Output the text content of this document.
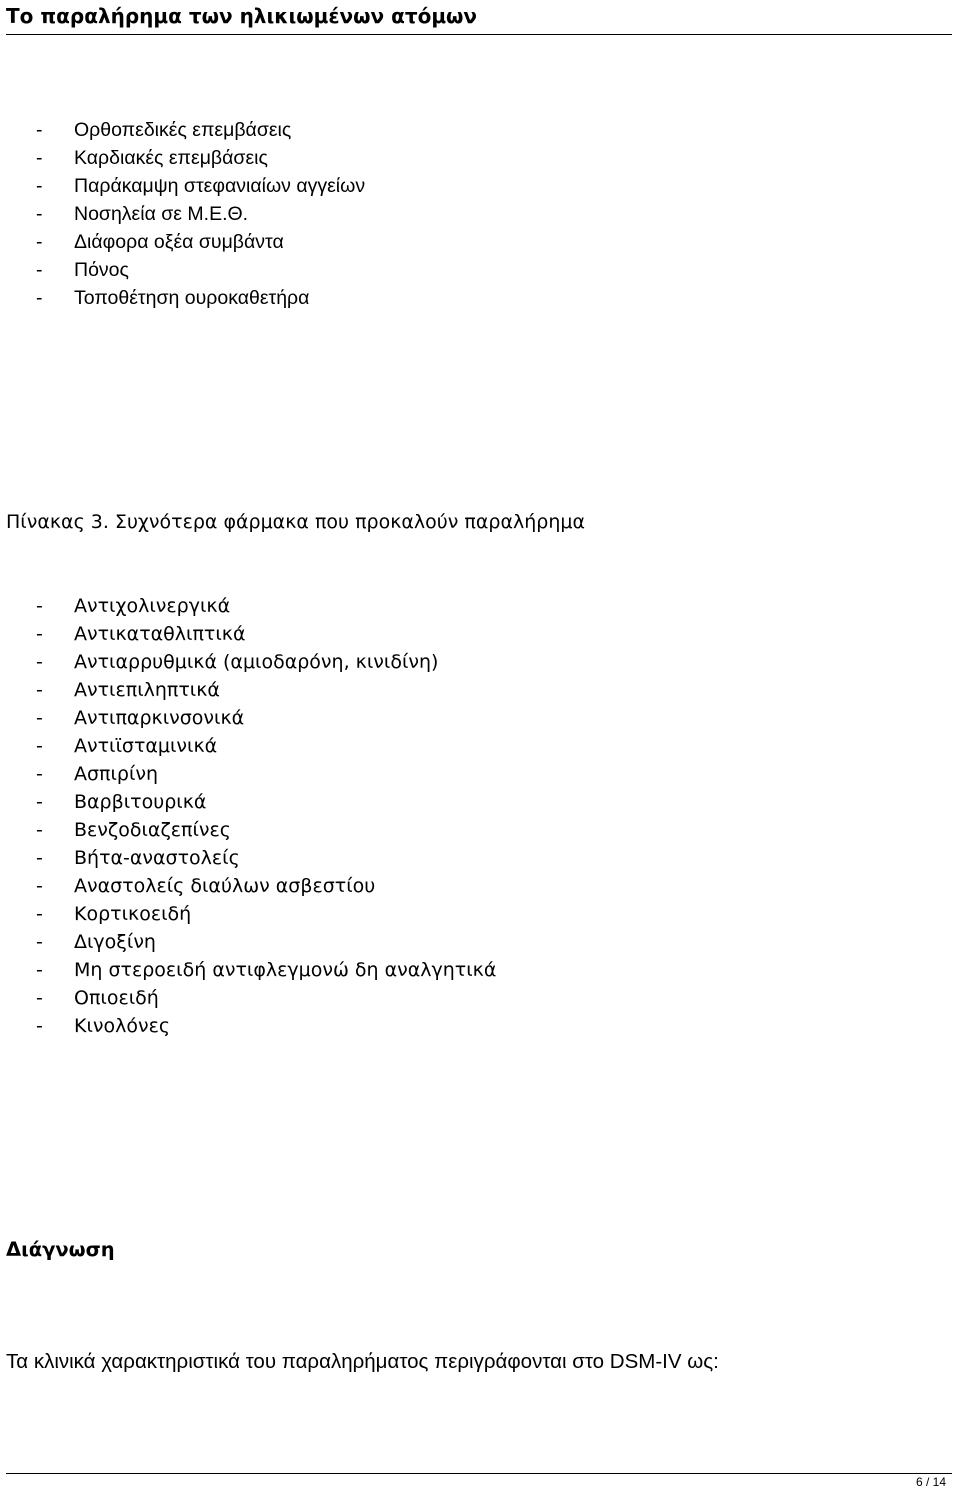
Το παραλήρημα των ηλικιωμένων ατόμων
- Ορθοπεδικές επεμβάσεις
- Καρδιακές επεμβάσεις
- Παράκαμψη στεφανιαίων αγγείων
- Νοσηλεία σε Μ.Ε.Θ.
- Διάφορα οξέα συμβάντα
- Πόνος
- Τοποθέτηση ουροκαθετήρα
Πίνακας 3. Συχνότερα φάρμακα που προκαλούν παραλήρημα
- Αντιχολινεργικά
- Αντικαταθλιπτικά
- Αντιαρρυθμικά (αμιοδαρόνη, κινιδίνη)
- Αντιεπιληπτικά
- Αντιπαρκινσονικά
- Αντιϊσταμινικά
- Ασπιρίνη
- Βαρβιτουρικά
- Βενζοδιαζεπίνες
- Βήτα-αναστολείς
- Αναστολείς διαύλων ασβεστίου
- Κορτικοειδή
- Διγοξίνη
- Μη στεροειδή αντιφλεγμονώ δη αναλγητικά
- Οπιοειδή
- Κινολόνες
Διάγνωση
Τα κλινικά χαρακτηριστικά του παραληρήματος περιγράφονται στο DSM-IV ως:
6 / 14
